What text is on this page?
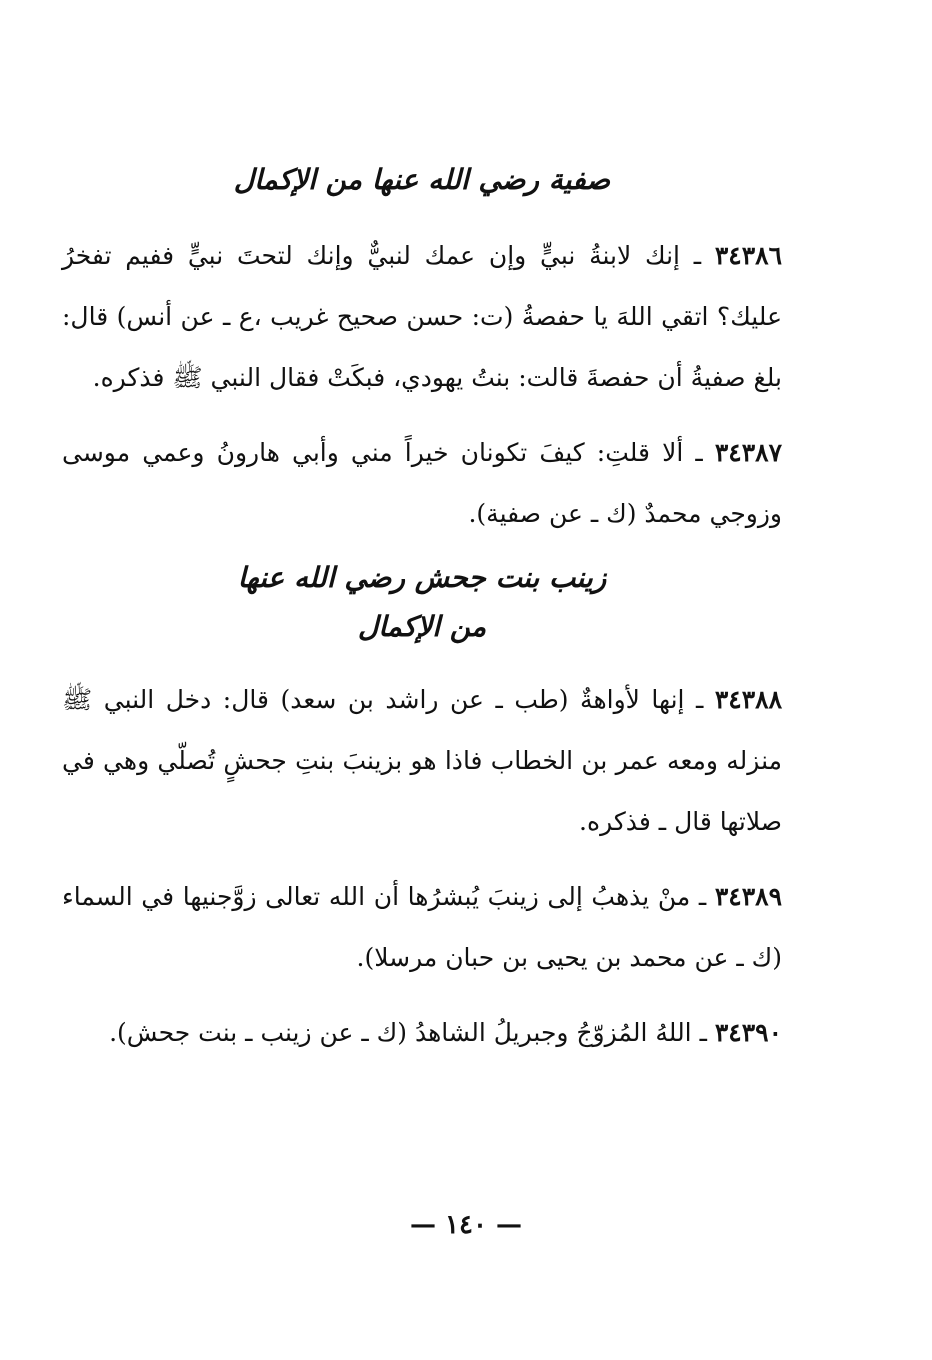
صفية رضي الله عنها من الإكمال

٣٤٣٨٦ ـ إنك لابنةُ نبيٍّ وإن عمك لنبيٌّ وإنك لتحتَ نبيٍّ ففيم تفخرُ عليك؟ اتقي اللهَ يا حفصةُ (ت: حسن صحيح غريب ،ع ـ عن أنس) قال: بلغ صفيةُ أن حفصةَ قالت: بنتُ يهودي، فبكَتْ فقال النبي ﷺ فذكره.

٣٤٣٨٧ ـ ألا قلتِ: كيفَ تكونان خيراً مني وأبي هارونُ وعمي موسى وزوجي محمدٌ (ك ـ عن صفية).

زينب بنت جحش رضي الله عنها
من الإكمال

٣٤٣٨٨ ـ إنها لأواهةٌ (طب ـ عن راشد بن سعد) قال: دخل النبي ﷺ منزله ومعه عمر بن الخطاب فاذا هو بزينبَ بنتِ جحشٍ تُصلّي وهي في صلاتها قال ـ فذكره.

٣٤٣٨٩ ـ منْ يذهبُ إلى زينبَ يُبشرُها أن الله تعالى زوَّجنيها في السماء (ك ـ عن محمد بن يحيى بن حبان مرسلا).

٣٤٣٩٠ ـ اللهُ المُزوّجُ وجبريلُ الشاهدُ (ك ـ عن زينب ـ بنت جحش).

— ١٤٠ —
